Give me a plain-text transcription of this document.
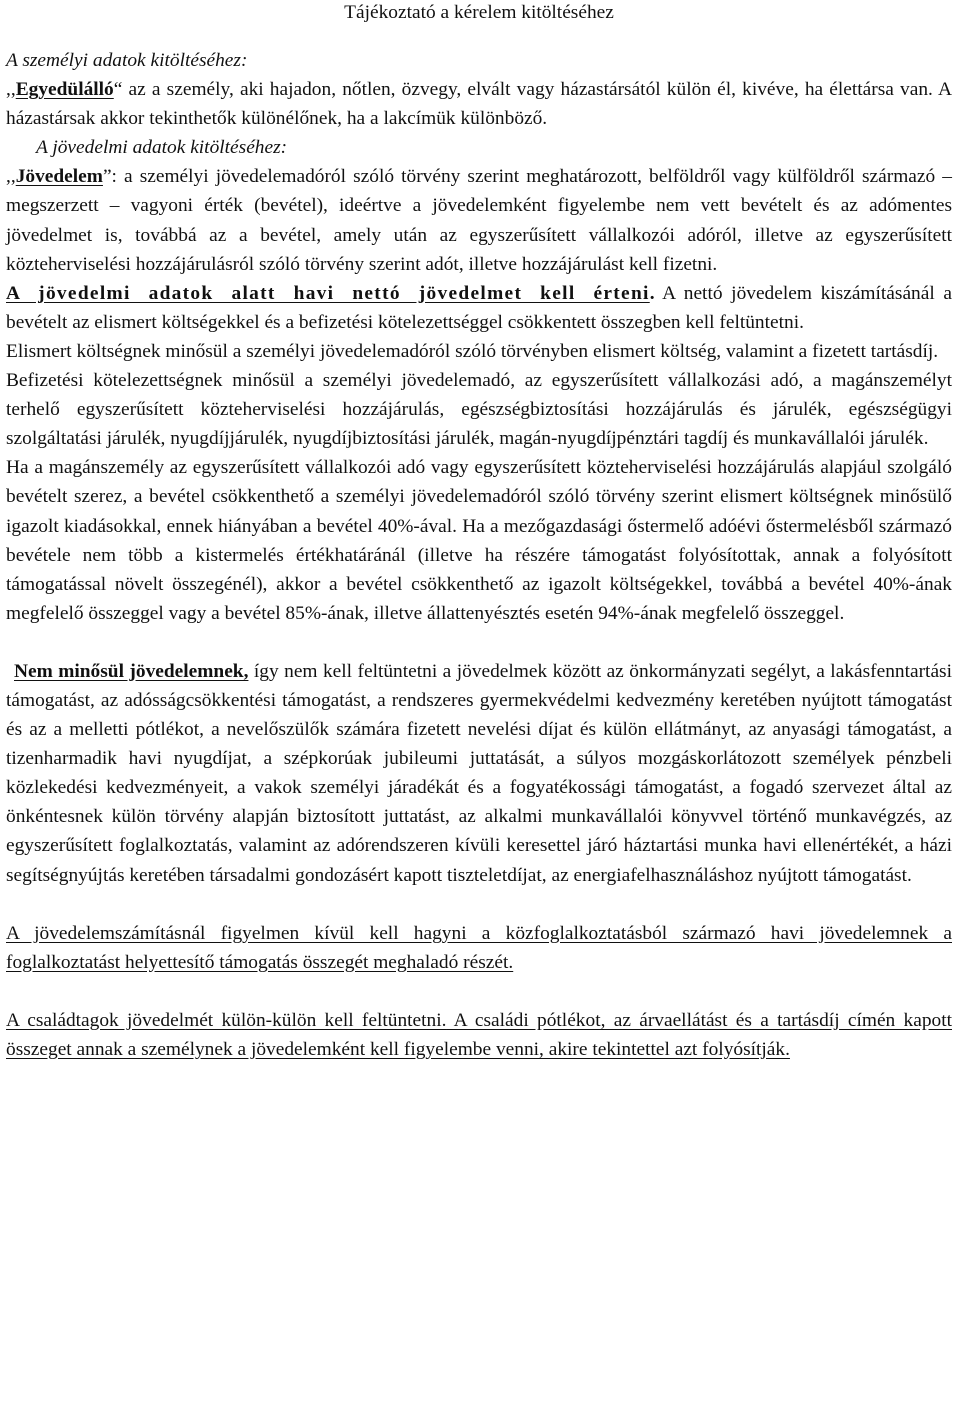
Tájékoztató a kérelem kitöltéséhez

A személyi adatok kitöltéséhez:

,,Egyedülálló“ az a személy, aki hajadon, nőtlen, özvegy, elvált vagy házastársától külön él, kivéve, ha élettársa van. A házastársak akkor tekinthetők különélőnek, ha a lakcímük különböző.

A jövedelmi adatok kitöltéséhez:

,,Jövedelem”: a személyi jövedelemadóról szóló törvény szerint meghatározott, belföldről vagy külföldről származó – megszerzett – vagyoni érték (bevétel), ideértve a jövedelemként figyelembe nem vett bevételt és az adómentes jövedelmet is, továbbá az a bevétel, amely után az egyszerűsített vállalkozói adóról, illetve az egyszerűsített közteherviselési hozzájárulásról szóló törvény szerint adót, illetve hozzájárulást kell fizetni.

A jövedelmi adatok alatt havi nettó jövedelmet kell érteni. A nettó jövedelem kiszámításánál a bevételt az elismert költségekkel és a befizetési kötelezettséggel csökkentett összegben kell feltüntetni.

Elismert költségnek minősül a személyi jövedelemadóról szóló törvényben elismert költség, valamint a fizetett tartásdíj.

Befizetési kötelezettségnek minősül a személyi jövedelemadó, az egyszerűsített vállalkozási adó, a magánszemélyt terhelő egyszerűsített közteherviselési hozzájárulás, egészségbiztosítási hozzájárulás és járulék, egészségügyi szolgáltatási járulék, nyugdíjjárulék, nyugdíjbiztosítási járulék, magán-nyugdíjpénztári tagdíj és munkavállalói járulék.

Ha a magánszemély az egyszerűsített vállalkozói adó vagy egyszerűsített közteherviselési hozzájárulás alapjául szolgáló bevételt szerez, a bevétel csökkenthető a személyi jövedelemadóról szóló törvény szerint elismert költségnek minősülő igazolt kiadásokkal, ennek hiányában a bevétel 40%-ával. Ha a mezőgazdasági őstermelő adóévi őstermelésből származó bevétele nem több a kistermelés értékhatáránál (illetve ha részére támogatást folyósítottak, annak a folyósított támogatással növelt összegénél), akkor a bevétel csökkenthető az igazolt költségekkel, továbbá a bevétel 40%-ának megfelelő összeggel vagy a bevétel 85%-ának, illetve állattenyésztés esetén 94%-ának megfelelő összeggel.

Nem minősül jövedelemnek, így nem kell feltüntetni a jövedelmek között az önkormányzati segélyt, a lakásfenntartási támogatást, az adósságcsökkentési támogatást, a rendszeres gyermekvédelmi kedvezmény keretében nyújtott támogatást és az a melletti pótlékot, a nevelőszülők számára fizetett nevelési díjat és külön ellátmányt, az anyasági támogatást, a tizenharmadik havi nyugdíjat, a szépkorúak jubileumi juttatását, a súlyos mozgáskorlátozott személyek pénzbeli közlekedési kedvezményeit, a vakok személyi járadékát és a fogyatékossági támogatást, a fogadó szervezet által az önkéntesnek külön törvény alapján biztosított juttatást, az alkalmi munkavállalói könyvvel történő munkavégzés, az egyszerűsített foglalkoztatás, valamint az adórendszeren kívüli keresettel járó háztartási munka havi ellenértékét, a házi segítségnyújtás keretében társadalmi gondozásért kapott tiszteletdíjat, az energiafelhasználáshoz nyújtott támogatást.

A jövedelemszámításnál figyelmen kívül kell hagyni a közfoglalkoztatásból származó havi jövedelemnek a foglalkoztatást helyettesítő támogatás összegét meghaladó részét.

A családtagok jövedelmét külön-külön kell feltüntetni. A családi pótlékot, az árvaellátást és a tartásdíj címén kapott összeget annak a személynek a jövedelemként kell figyelembe venni, akire tekintettel azt folyósítják.
